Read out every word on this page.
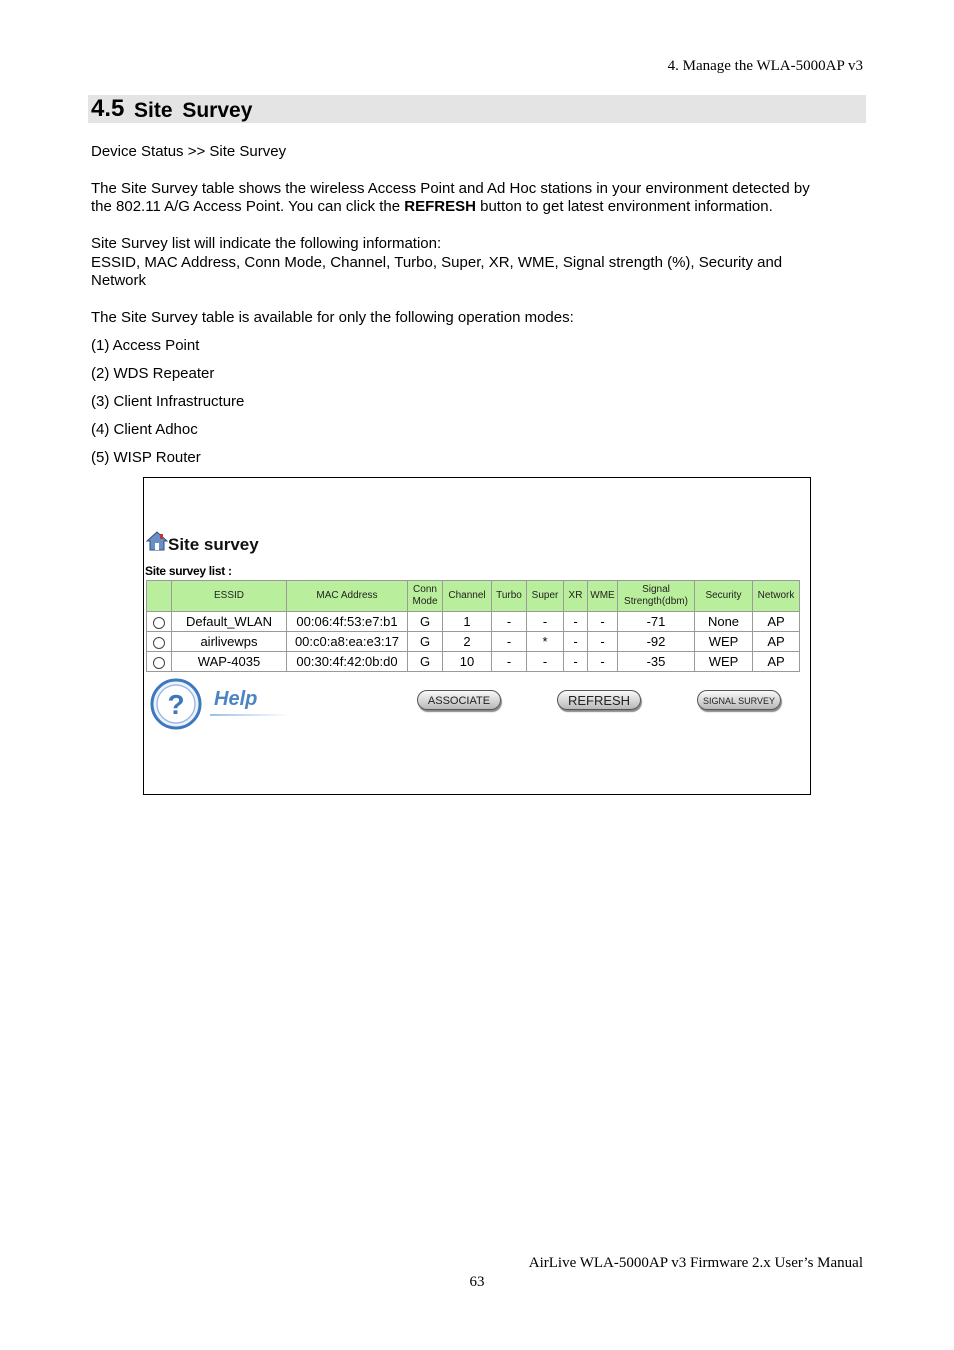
4. Manage the WLA-5000AP v3
4.5 Site Survey
Device Status >> Site Survey
The Site Survey table shows the wireless Access Point and Ad Hoc stations in your environment detected by
the 802.11 A/G Access Point. You can click the REFRESH button to get latest environment information.
Site Survey list will indicate the following information:
ESSID, MAC Address, Conn Mode, Channel, Turbo, Super, XR, WME, Signal strength (%), Security and
Network
The Site Survey table is available for only the following operation modes:
(1) Access Point
(2) WDS Repeater
(3) Client Infrastructure
(4) Client Adhoc
(5) WISP Router
Site survey
Site survey list :
	ESSID	MAC Address	Conn Mode	Channel	Turbo	Super	XR	WME	Signal Strength(dbm)	Security	Network
	Default_WLAN	00:06:4f:53:e7:b1	G	1	-	-	-	-	-71	None	AP
	airlivewps	00:c0:a8:ea:e3:17	G	2	-	*	-	-	-92	WEP	AP
	WAP-4035	00:30:4f:42:0b:d0	G	10	-	-	-	-	-35	WEP	AP
? Help	ASSOCIATE	REFRESH	SIGNAL SURVEY
AirLive WLA-5000AP v3 Firmware 2.x User’s Manual
63
